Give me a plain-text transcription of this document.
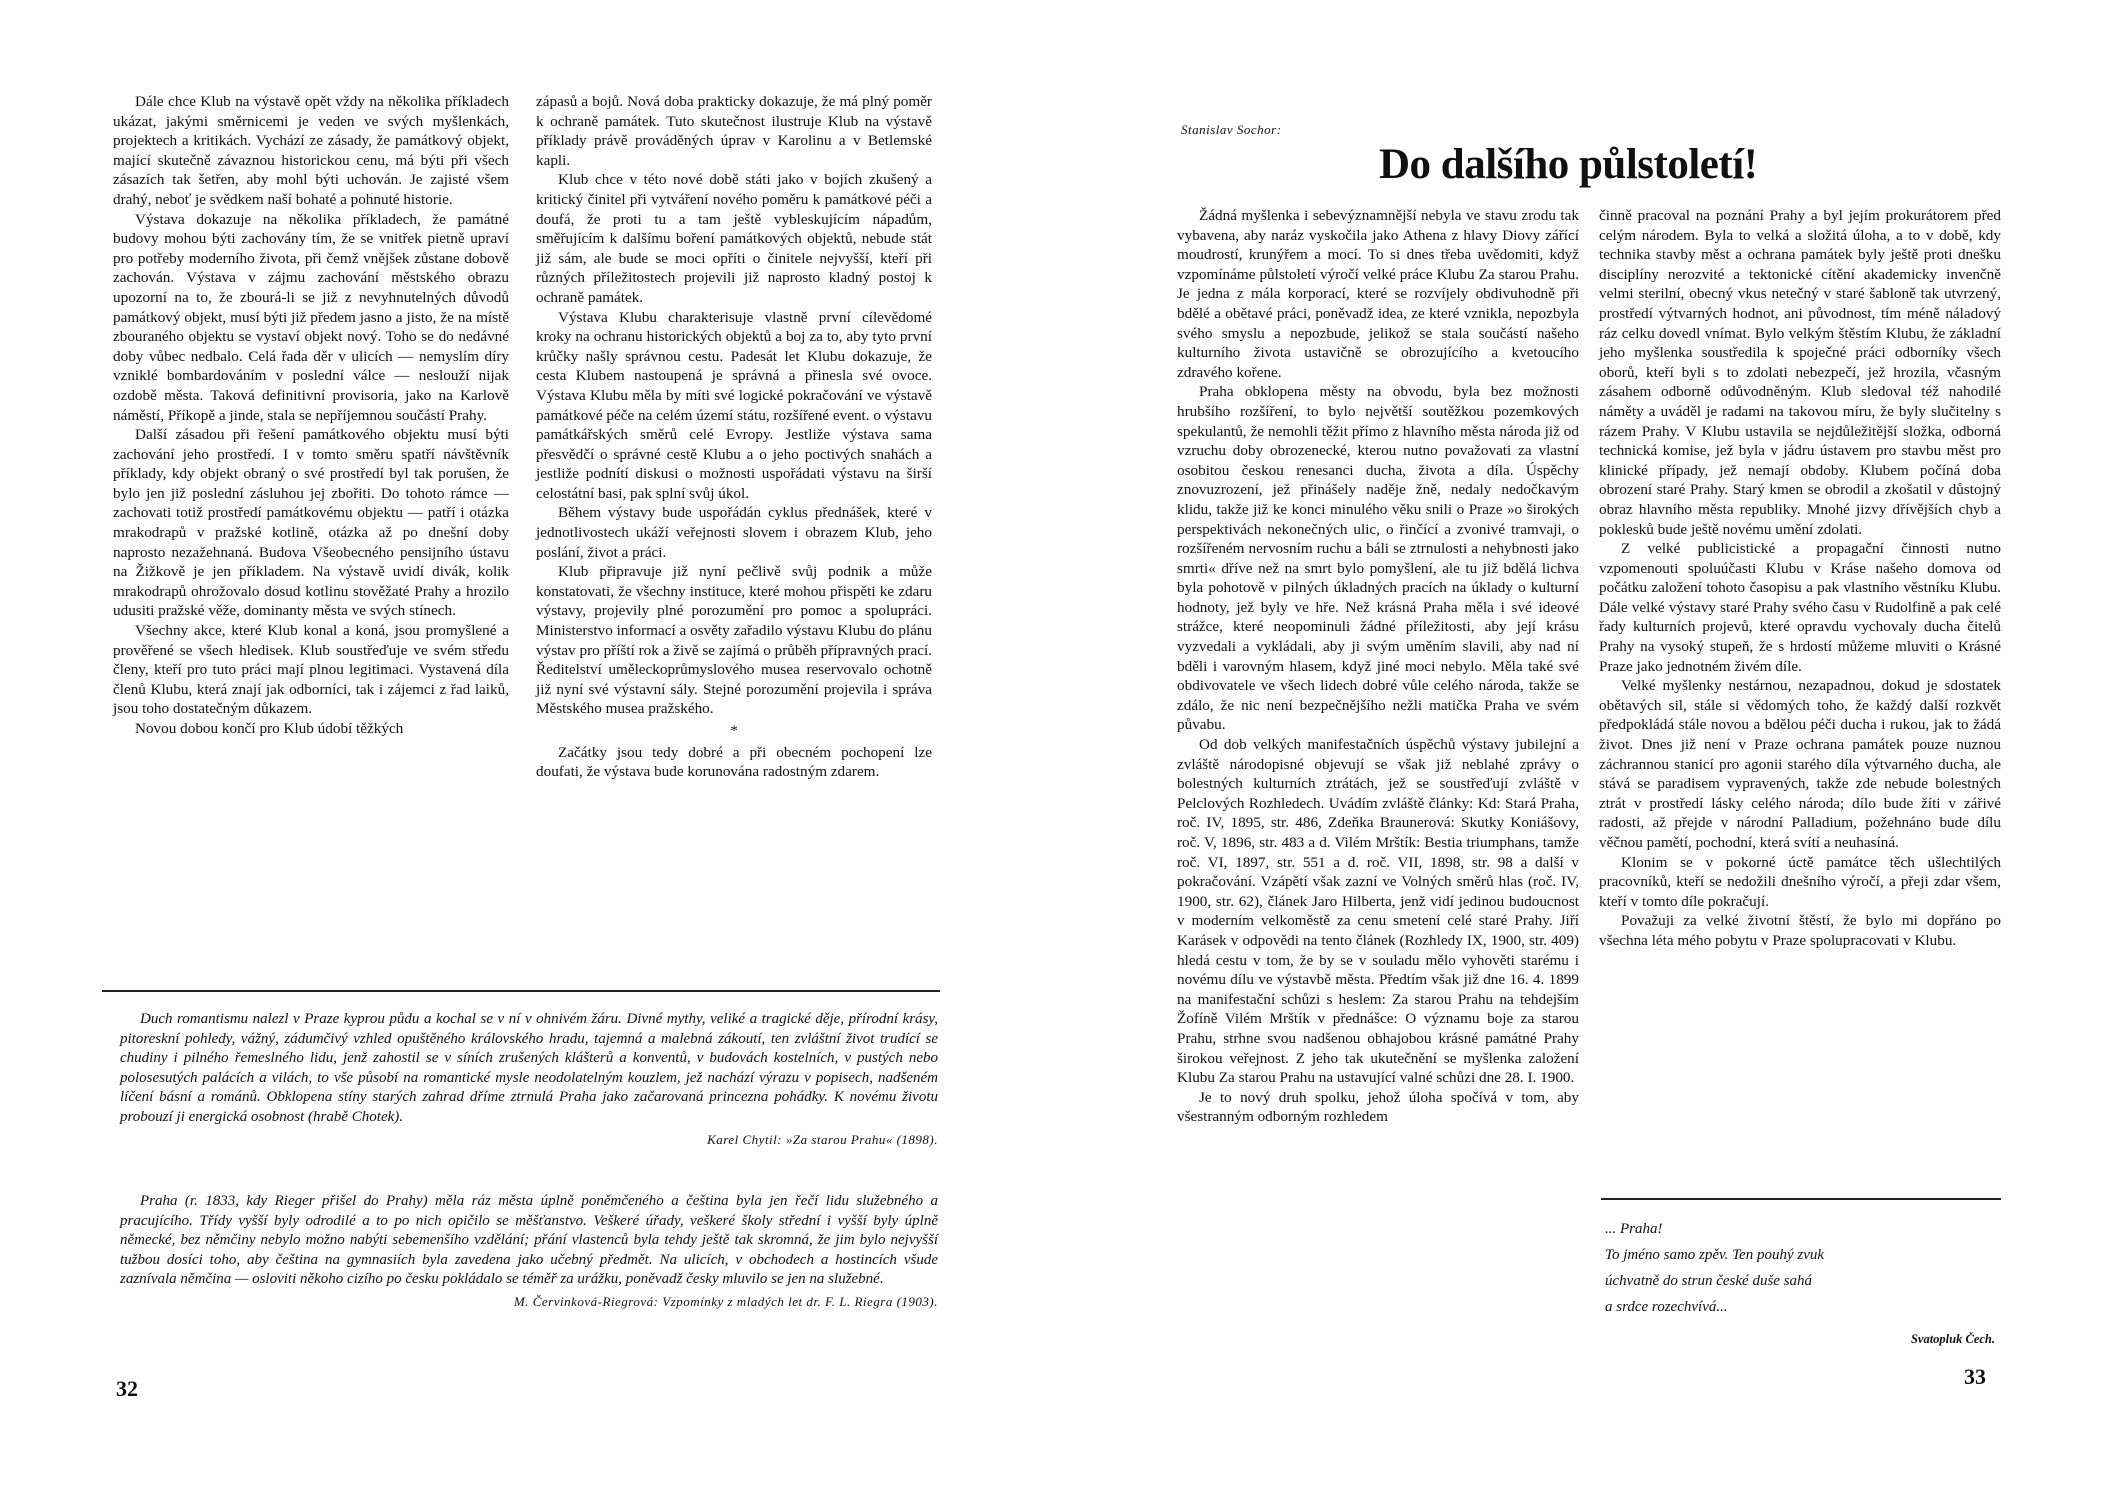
Dále chce Klub na výstavě opět vždy na několika příkladech ukázat, jakými směrnicemi je veden ve svých myšlenkách, projektech a kritikách. Vychází ze zásady, že památkový objekt, mající skutečně závaznou historickou cenu, má býti při všech zásazích tak šetřen, aby mohl býti uchován. Je zajisté všem drahý, neboť je svědkem naší bohaté a pohnuté historie.

Výstava dokazuje na několika příkladech, že památné budovy mohou býti zachovány tím, že se vnitřek pietně upraví pro potřeby moderního života, při čemž vnějšek zůstane dobově zachován. Výstava v zájmu zachování městského obrazu upozorní na to, že zbourá-li se již z nevyhnutelných důvodů památkový objekt, musí býti již předem jasno a jisto, že na místě zbouraného objektu se vystaví objekt nový. Toho se do nedávné doby vůbec nedbalo. Celá řada děr v ulicích — nemyslím díry vzniklé bombardováním v poslední válce — neslouží nijak ozdobě města. Taková definitivní provisoria, jako na Karlově náměstí, Příkopě a jinde, stala se nepříjemnou součástí Prahy.

Další zásadou při řešení památkového objektu musí býti zachování jeho prostředí. I v tomto směru spatří návštěvník příklady, kdy objekt obraný o své prostředí byl tak porušen, že bylo jen již poslední zásluhou jej zbořiti. Do tohoto rámce — zachovati totiž prostředí památkovému objektu — patří i otázka mrakodrapů v pražské kotlině, otázka až po dnešní doby naprosto nezažehnaná. Budova Všeobecného pensijního ústavu na Žižkově je jen příkladem. Na výstavě uvidí divák, kolik mrakodrapů ohrožovalo dosud kotlinu stověžaté Prahy a hrozilo udusiti pražské věže, dominanty města ve svých stínech.

Všechny akce, které Klub konal a koná, jsou promyšlené a prověřené se všech hledisek. Klub soustřeďuje ve svém středu členy, kteří pro tuto práci mají plnou legitimaci. Vystavená díla členů Klubu, která znají jak odborníci, tak i zájemci z řad laiků, jsou toho dostatečným důkazem.

Novou dobou končí pro Klub údobí těžkých

zápasů a bojů. Nová doba prakticky dokazuje, že má plný poměr k ochraně památek. Tuto skutečnost ilustruje Klub na výstavě příklady právě prováděných úprav v Karolinu a v Betlemské kapli.

Klub chce v této nové době státi jako v bojích zkušený a kritický činitel při vytváření nového poměru k památkové péči a doufá, že proti tu a tam ještě vybleskujícím nápadům, směřujícím k dalšímu boření památkových objektů, nebude stát již sám, ale bude se moci opříti o činitele nejvyšší, kteří při různých příležitostech projevili již naprosto kladný postoj k ochraně památek.

Výstava Klubu charakterisuje vlastně první cílevědomé kroky na ochranu historických objektů a boj za to, aby tyto první krůčky našly správnou cestu. Padesát let Klubu dokazuje, že cesta Klubem nastoupená je správná a přinesla své ovoce. Výstava Klubu měla by míti své logické pokračování ve výstavě památkové péče na celém území státu, rozšířené event. o výstavu památkářských směrů celé Evropy. Jestliže výstava sama přesvědčí o správné cestě Klubu a o jeho poctivých snahách a jestliže podnítí diskusi o možnosti uspořádati výstavu na širší celostátní basi, pak splní svůj úkol.

Během výstavy bude uspořádán cyklus přednášek, které v jednotlivostech ukáží veřejnosti slovem i obrazem Klub, jeho poslání, život a práci.

Klub připravuje již nyní pečlivě svůj podnik a může konstatovati, že všechny instituce, které mohou přispěti ke zdaru výstavy, projevily plné porozumění pro pomoc a spolupráci. Ministerstvo informací a osvěty zařadilo výstavu Klubu do plánu výstav pro příští rok a živě se zajímá o průběh přípravných prací. Ředitelství uměleckoprůmyslového musea reservovalo ochotně již nyní své výstavní sály. Stejné porozumění projevila i správa Městského musea pražského.

*

Začátky jsou tedy dobré a při obecném pochopení lze doufati, že výstava bude korunována radostným zdarem.

Duch romantismu nalezl v Praze kyprou půdu a kochal se v ní v ohnivém žáru. Divné mythy, veliké a tragické děje, přírodní krásy, pitoreskní pohledy, vážný, zádumčivý vzhled opuštěného královského hradu, tajemná a malebná zákoutí, ten zvláštní život trudící se chudiny i pilného řemeslného lidu, jenž zahostil se v síních zrušených klášterů a konventů, v budovách kostelních, v pustých nebo polosesutých palácích a vilách, to vše působí na romantické mysle neodolatelným kouzlem, jež nachází výrazu v popisech, nadšeném líčení básní a románů. Obklopena stíny starých zahrad dříme ztrnulá Praha jako začarovaná princezna pohádky. K novému životu probouzí ji energická osobnost (hrabě Chotek).

Karel Chytil: »Za starou Prahu« (1898).

Praha (r. 1833, kdy Rieger přišel do Prahy) měla ráz města úplně poněmčeného a čeština byla jen řečí lidu služebného a pracujícího. Třídy vyšší byly odrodilé a to po nich opičilo se měšťanstvo. Veškeré úřady, veškeré školy střední i vyšší byly úplně německé, bez němčiny nebylo možno nabýti sebemenšího vzdělání; přání vlastenců byla tehdy ještě tak skromná, že jim bylo nejvyšší tužbou dosíci toho, aby čeština na gymnasiích byla zavedena jako učebný předmět. Na ulicích, v obchodech a hostincích všude zaznívala němčina — osloviti někoho cizího po česku pokládalo se téměř za urážku, poněvadž česky mluvilo se jen na služebné.

M. Červinková-Riegrová: Vzpomínky z mladých let dr. F. L. Riegra (1903).
32
Stanislav Sochor:
Do dalšího půlstoletí!

Žádná myšlenka i sebevýznamnější nebyla ve stavu zrodu tak vybavena, aby naráz vyskočila jako Athena z hlavy Diovy zářící moudrostí, krunýřem a mocí. To si dnes třeba uvědomiti, když vzpomínáme půlstoletí výročí velké práce Klubu Za starou Prahu. Je jedna z mála korporací, které se rozvíjely obdivuhodně při bdělé a obětavé práci, poněvadž idea, ze které vznikla, nepozbyla svého smyslu a nepozbude, jelikož se stala součástí našeho kulturního života ustavičně se obrozujícího a kvetoucího zdravého kořene.

Praha obklopena městy na obvodu, byla bez možnosti hrubšího rozšíření, to bylo největší soutěžkou pozemkových spekulantů, že nemohli těžit přímo z hlavního města národa již od vzruchu doby obrozenecké, kterou nutno považovati za vlastní osobitou českou renesanci ducha, života a díla. Úspěchy znovuzrození, jež přinášely naděje žně, nedaly nedočkavým klidu, takže již ke konci minulého věku snili o Praze »o širokých perspektivách nekonečných ulic, o řinčící a zvonivé tramvaji, o rozšířeném nervosním ruchu a báli se ztrnulosti a nehybnosti jako smrti« dříve než na smrt bylo pomyšlení, ale tu již bdělá lichva byla pohotově v pilných úkladných pracích na úklady o kulturní hodnoty, jež byly ve hře. Než krásná Praha měla i své ideové strážce, které neopominuli žádné příležitosti, aby její krásu vyzvedali a vykládali, aby ji svým uměním slavili, aby nad ní bděli i varovným hlasem, když jiné moci nebylo. Měla také své obdivovatele ve všech lidech dobré vůle celého národa, takže se zdálo, že nic není bezpečnějšího nežli matička Praha ve svém půvabu.

Od dob velkých manifestačních úspěchů výstavy jubilejní a zvláště národopisné objevují se však již neblahé zprávy o bolestných kulturních ztrátách, jež se soustřeďují zvláště v Pelclových Rozhledech. Uvádím zvláště články: Kd: Stará Praha, roč. IV, 1895, str. 486, Zdeňka Braunerová: Skutky Koniášovy, roč. V, 1896, str. 483 a d. Vilém Mrštík: Bestia triumphans, tamže roč. VI, 1897, str. 551 a d. roč. VII, 1898, str. 98 a další v pokračování. Vzápětí však zazní ve Volných směrů hlas (roč. IV, 1900, str. 62), článek Jaro Hilberta, jenž vidí jedinou budoucnost v moderním velkoměstě za cenu smetení celé staré Prahy. Jiří Karásek v odpovědi na tento článek (Rozhledy IX, 1900, str. 409) hledá cestu v tom, že by se v souladu mělo vyhověti starému i novému dílu ve výstavbě města. Předtím však již dne 16. 4. 1899 na manifestační schůzi s heslem: Za starou Prahu na tehdejším Žofíně Vilém Mrštík v přednášce: O významu boje za starou Prahu, strhne svou nadšenou obhajobou krásné památné Prahy širokou veřejnost. Z jeho tak ukutečnění se myšlenka založení Klubu Za starou Prahu na ustavující valné schůzi dne 28. I. 1900.

Je to nový druh spolku, jehož úloha spočívá v tom, aby všestranným odborným rozhledem

činně pracoval na poznání Prahy a byl jejím prokurátorem před celým národem. Byla to velká a složitá úloha, a to v době, kdy technika stavby měst a ochrana památek byly ještě proti dnešku disciplíny nerozvité a tektonické cítění akademicky invenčně velmi sterilní, obecný vkus netečný v staré šabloně tak utvrzený, prostředí výtvarných hodnot, ani původnost, tím méně náladový ráz celku dovedl vnímat. Bylo velkým štěstím Klubu, že základní jeho myšlenka soustředila k spoječné práci odborníky všech oborů, kteří byli s to zdolati nebezpečí, jež hrozila, včasným zásahem odborně odůvodněným. Klub sledoval též nahodilé náměty a uváděl je radami na takovou míru, že byly slučitelny s rázem Prahy. V Klubu ustavila se nejdůležitější složka, odborná technická komise, jež byla v jádru ústavem pro stavbu měst pro klinické případy, jež nemají obdoby. Klubem počíná doba obrození staré Prahy. Starý kmen se obrodil a zkošatil v důstojný obraz hlavního města republiky. Mnohé jizvy dřívějších chyb a poklesků bude ještě novému umění zdolati.

Z velké publicistické a propagační činnosti nutno vzpomenouti spoluúčasti Klubu v Kráse našeho domova od počátku založení tohoto časopisu a pak vlastního věstníku Klubu. Dále velké výstavy staré Prahy svého času v Rudolfině a pak celé řady kulturních projevů, které opravdu vychovaly ducha čitelů Prahy na vysoký stupeň, že s hrdostí můžeme mluviti o Krásné Praze jako jednotném živém díle.

Velké myšlenky nestárnou, nezapadnou, dokud je sdostatek obětavých sil, stále si vědomých toho, že každý další rozkvět předpokládá stále novou a bdělou péči ducha i rukou, jak to žádá život. Dnes již není v Praze ochrana památek pouze nuznou záchrannou stanicí pro agonii starého díla výtvarného ducha, ale stává se paradisem vypravených, takže zde nebude bolestných ztrát v prostředí lásky celého národa; dílo bude žíti v zářivé radosti, až přejde v národní Palladium, požehnáno bude dílu věčnou pamětí, pochodní, která svítí a neuhasíná.

Klonim se v pokorné úctě památce těch ušlechtilých pracovníků, kteří se nedožili dnešního výročí, a přeji zdar všem, kteří v tomto díle pokračují.

Považuji za velké životní štěstí, že bylo mi dopřáno po všechna léta mého pobytu v Praze spolupracovati v Klubu.

... Praha!
To jméno samo zpěv. Ten pouhý zvuk
úchvatně do strun české duše sahá
a srdce rozechvívá...
Svatopluk Čech.
33
